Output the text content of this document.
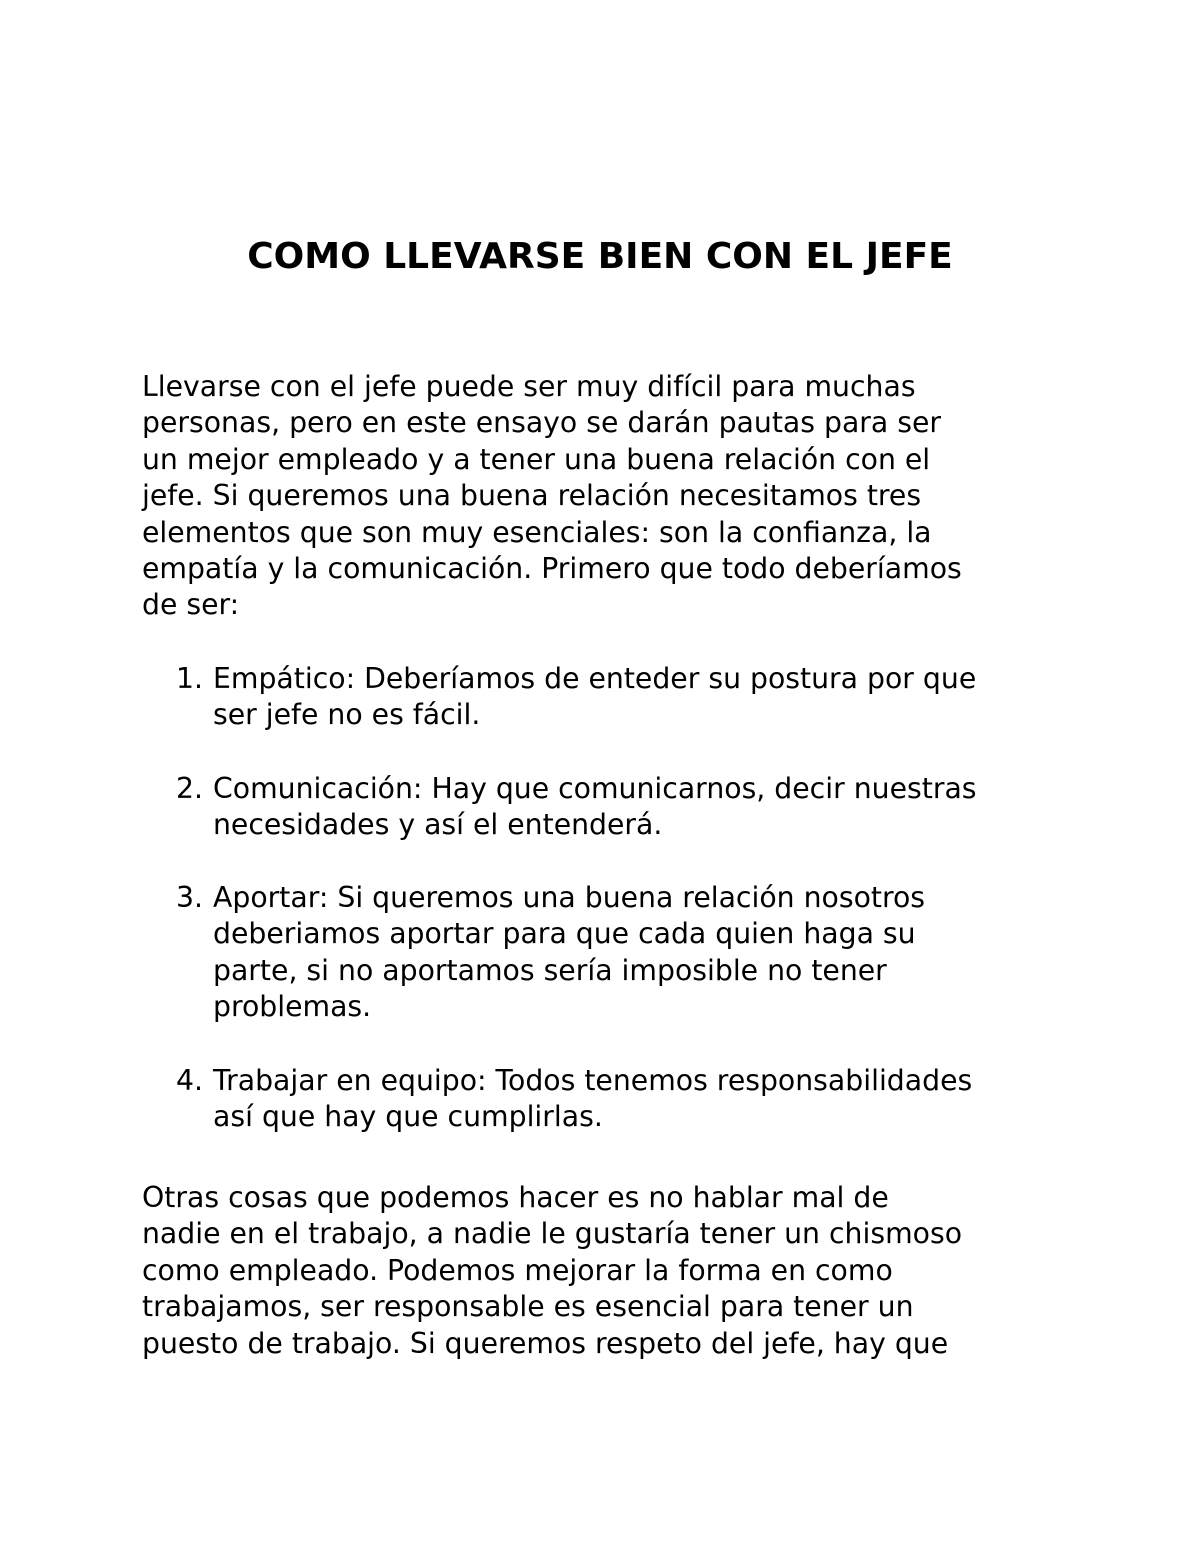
COMO LLEVARSE BIEN CON EL JEFE
Llevarse con el jefe puede ser muy difícil para muchas
personas, pero en este ensayo se darán pautas para ser
un mejor empleado y a tener una buena relación con el
jefe. Si queremos una buena relación necesitamos tres
elementos que son muy esenciales: son la confianza, la
empatía y la comunicación. Primero que todo deberíamos
de ser:
1. Empático: Deberíamos de enteder su postura por que
ser jefe no es fácil.
2. Comunicación: Hay que comunicarnos, decir nuestras
necesidades y así el entenderá.
3. Aportar: Si queremos una buena relación nosotros
deberiamos aportar para que cada quien haga su
parte, si no aportamos sería imposible no tener
problemas.
4. Trabajar en equipo: Todos tenemos responsabilidades
así que hay que cumplirlas.
Otras cosas que podemos hacer es no hablar mal de
nadie en el trabajo, a nadie le gustaría tener un chismoso
como empleado. Podemos mejorar la forma en como
trabajamos, ser responsable es esencial para tener un
puesto de trabajo. Si queremos respeto del jefe, hay que
